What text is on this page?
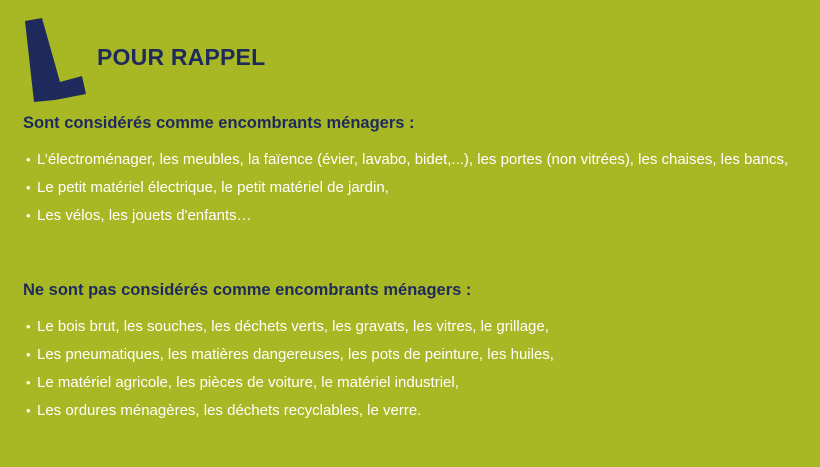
POUR RAPPEL
Sont considérés comme encombrants ménagers :
• L’électroménager, les meubles, la faïence (évier, lavabo, bidet,...), les portes (non vitrées), les chaises, les bancs,
• Le petit matériel électrique, le petit matériel de jardin,
• Les vélos, les jouets d'enfants…
Ne sont pas considérés comme encombrants ménagers :
• Le bois brut, les souches, les déchets verts, les gravats, les vitres, le grillage,
• Les pneumatiques, les matières dangereuses, les pots de peinture, les huiles,
• Le matériel agricole, les pièces de voiture, le matériel industriel,
• Les ordures ménagères, les déchets recyclables, le verre.
